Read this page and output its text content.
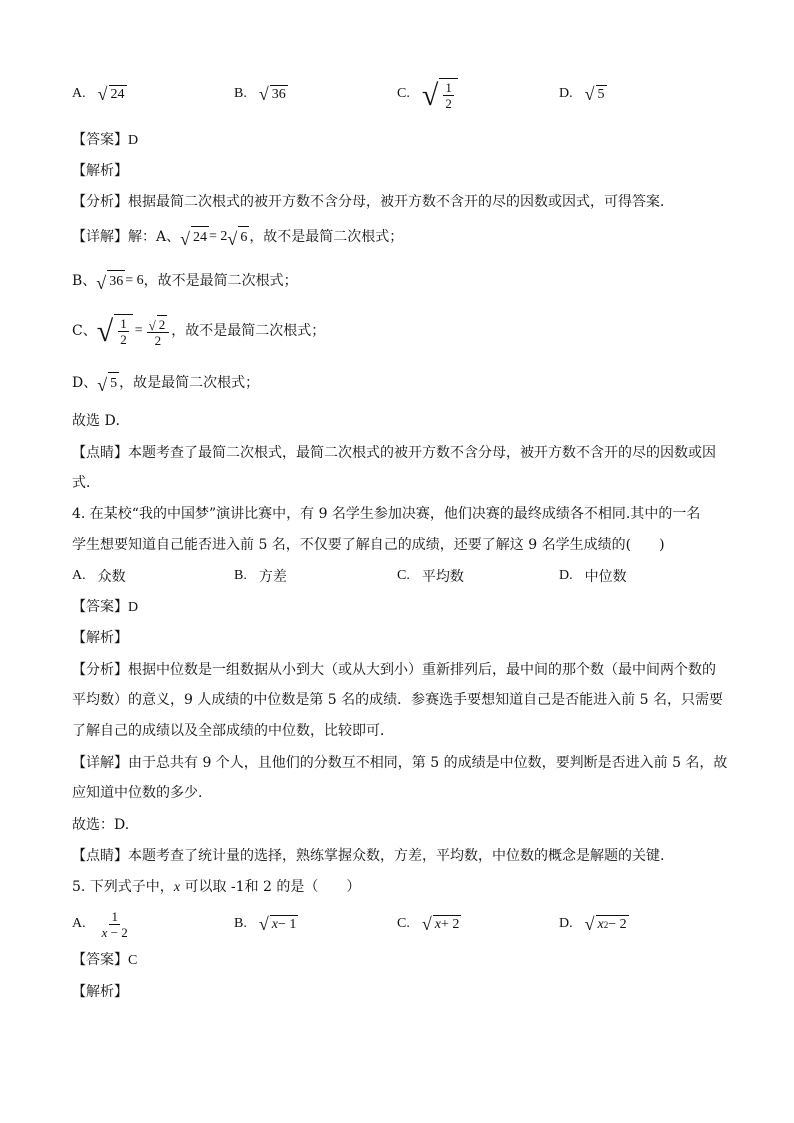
A. √ 24	B. √ 36	C. √ $\frac{1}{2}$	D. √ 5
【答案】D
【解析】
【分析】根据最简二次根式的被开方数不含分母，被开方数不含开的尽的因数或因式，可得答案．
【详解】 解：A、 √ 24 = 2 √ 6 ，故不是最简二次根式；
B、 √ 36 = 6 ，故不是最简二次根式；
C、 √ $\frac{1}{2} = \frac{√ 2}{2}$ ，故不是最简二次根式；
D、 √ 5 ，故是最简二次根式；
故选 D．
【点睛】本题考查了最简二次根式，最简二次根式的被开方数不含分母，被开方数不含开的尽的因数或因
式．
4. 在某校“我的中国梦”演讲比赛中，有 9 名学生参加决赛，他们决赛的最终成绩各不相同.其中的一名
学生想要知道自己能否进入前 5 名，不仅要了解自己的成绩，还要了解这 9 名学生成绩的(　　)
A. 众数	B. 方差	C. 平均数	D. 中位数
【答案】D
【解析】
【分析】根据中位数是一组数据从小到大（或从大到小）重新排列后，最中间的那个数（最中间两个数的
平均数）的意义，9 人成绩的中位数是第 5 名的成绩．参赛选手要想知道自己是否能进入前 5 名，只需要
了解自己的成绩以及全部成绩的中位数，比较即可．
【详解】由于总共有 9 个人，且他们的分数互不相同，第 5 的成绩是中位数，要判断是否进入前 5 名，故
应知道中位数的多少.
故选：D.
【点睛】本题考查了统计量的选择，熟练掌握众数，方差，平均数，中位数的概念是解题的关键.
5. 下列式子中，x 可以取 -1和 2 的是（　　）
A. $\frac{1}{x - 2}$	B. √ x − 1	C. √ x + 2	D. √ x 2 − 2
【答案】C
【解析】
